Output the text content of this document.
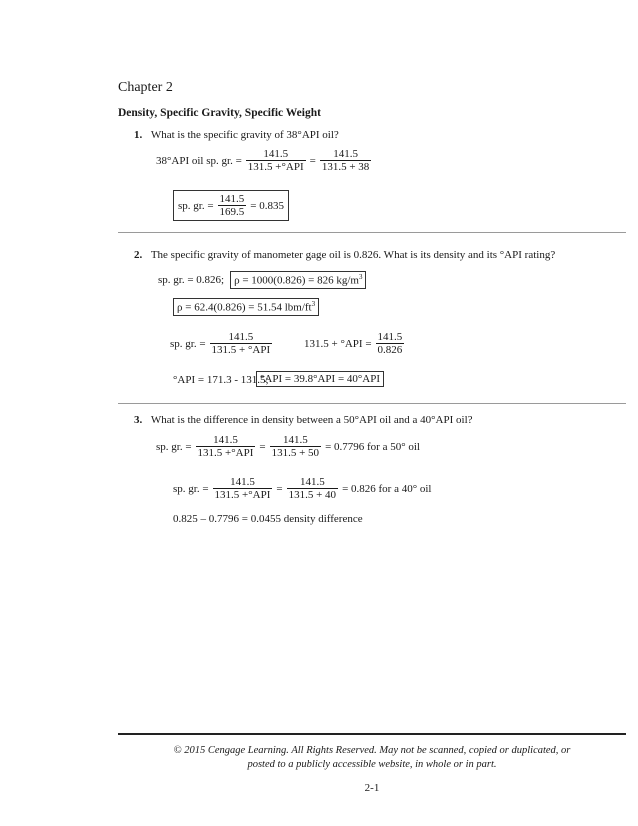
Chapter 2
Density, Specific Gravity, Specific Weight
1. What is the specific gravity of 38°API oil?
38°API oil sp. gr. = $\frac{141.5}{\text{131.5 +°API}} = \frac{141.5}{131.5 + 38}$
sp. gr. = $\frac{141.5}{169.5} = 0.835$
2. The specific gravity of manometer gage oil is 0.826. What is its density and its °API rating?
sp. gr. = 0.826; ρ = 1000(0.826) = 826 $kg/m^3$
ρ = 62.4(0.826) = 51.54 lbm/$ft^3$
sp. gr. = $\frac{141.5}{\text{131.5 + °API}}$	$131.5 + ^\circ API = \frac{141.5}{0.826}$
°API = 171.3 - 131.5;
°API = 39.8°API = 40°API
3. What is the difference in density between a 50°API oil and a 40°API oil?
sp. gr. = $\frac{141.5}{\text{131.5 +°API}} = \frac{141.5}{131.5 + 50} = 0.7796$ for a 50° oil
sp. gr. = $\frac{141.5}{\text{131.5 +°API}} = \frac{141.5}{131.5 + 40} = 0.826$ for a 40° oil
0.825 – 0.7796 = 0.0455 density difference
© 2015 Cengage Learning. All Rights Reserved. May not be scanned, copied or duplicated, or
posted to a publicly accessible website, in whole or in part.
2-1
